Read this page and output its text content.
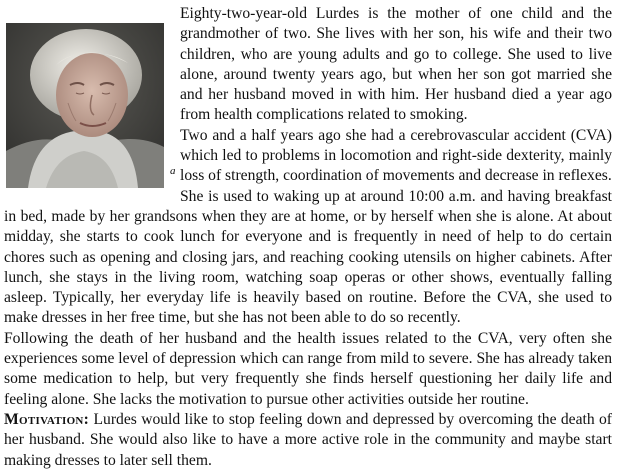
a

Eighty-two-year-old Lurdes is the mother of one child and the grandmother of two. She lives with her son, his wife and their two children, who are young adults and go to college. She used to live alone, around twenty years ago, but when her son got married she and her husband moved in with him. Her husband died a year ago from health complications related to smoking.

Two and a half years ago she had a cerebrovascular accident (CVA) which led to problems in locomotion and right-side dexterity, mainly loss of strength, coordination of movements and decrease in reflexes.

She is used to waking up at around 10:00 a.m. and having breakfast in bed, made by her grandsons when they are at home, or by herself when she is alone. At about midday, she starts to cook lunch for everyone and is frequently in need of help to do certain chores such as opening and closing jars, and reaching cooking utensils on higher cabinets. After lunch, she stays in the living room, watching soap operas or other shows, eventually falling asleep. Typically, her everyday life is heavily based on routine. Before the CVA, she used to make dresses in her free time, but she has not been able to do so recently.

Following the death of her husband and the health issues related to the CVA, very often she experiences some level of depression which can range from mild to severe. She has already taken some medication to help, but very frequently she finds herself questioning her daily life and feeling alone. She lacks the motivation to pursue other activities outside her routine.

Motivation: Lurdes would like to stop feeling down and depressed by overcoming the death of her husband. She would also like to have a more active role in the community and maybe start making dresses to later sell them.
